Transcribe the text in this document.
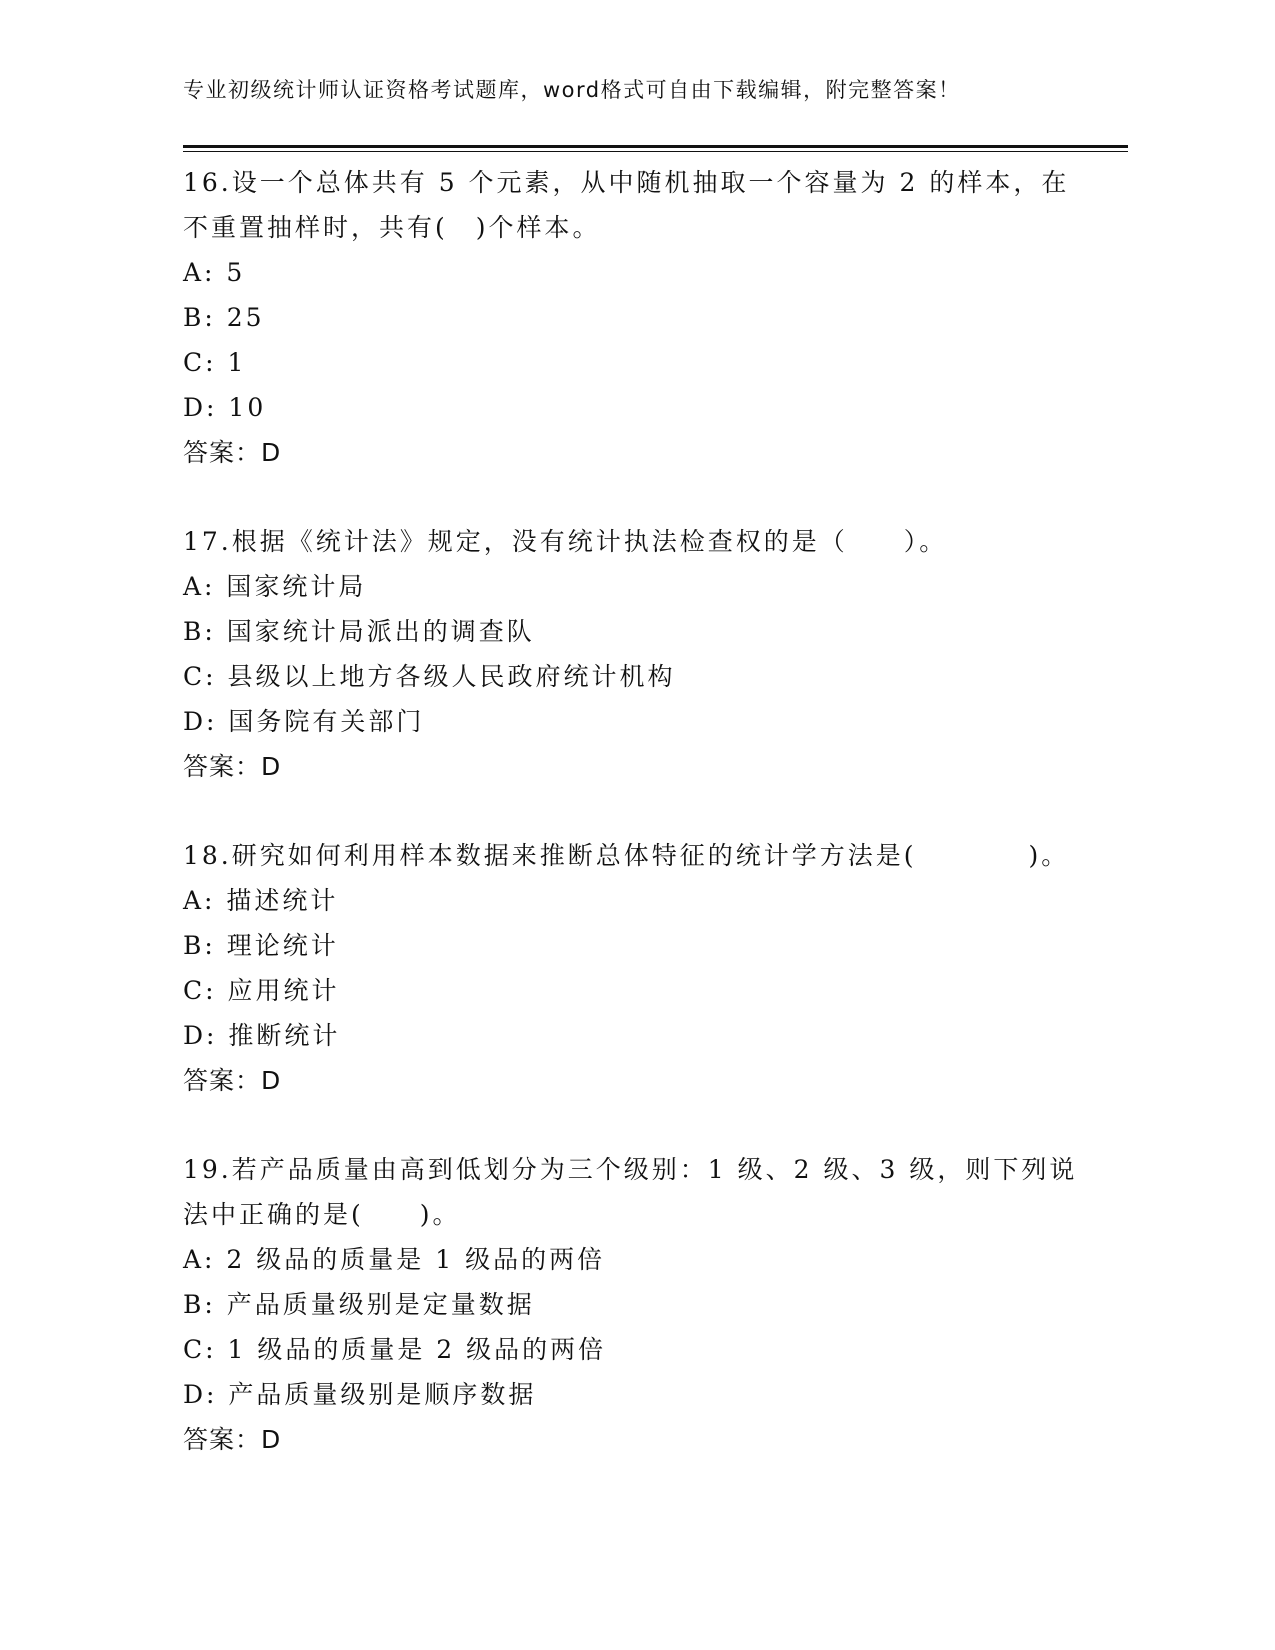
专业初级统计师认证资格考试题库，word格式可自由下载编辑，附完整答案！
16.设一个总体共有 5 个元素，从中随机抽取一个容量为 2 的样本，在
不重置抽样时，共有(　)个样本。
A: 5
B: 25
C: 1
D: 10
答案：D
17.根据《统计法》规定，没有统计执法检查权的是（　　）。
A: 国家统计局
B: 国家统计局派出的调查队
C: 县级以上地方各级人民政府统计机构
D: 国务院有关部门
答案：D
18.研究如何利用样本数据来推断总体特征的统计学方法是(　　　　)。
A: 描述统计
B: 理论统计
C: 应用统计
D: 推断统计
答案：D
19.若产品质量由高到低划分为三个级别：1 级、2 级、3 级，则下列说
法中正确的是(　　)。
A: 2 级品的质量是 1 级品的两倍
B: 产品质量级别是定量数据
C: 1 级品的质量是 2 级品的两倍
D: 产品质量级别是顺序数据
答案：D
